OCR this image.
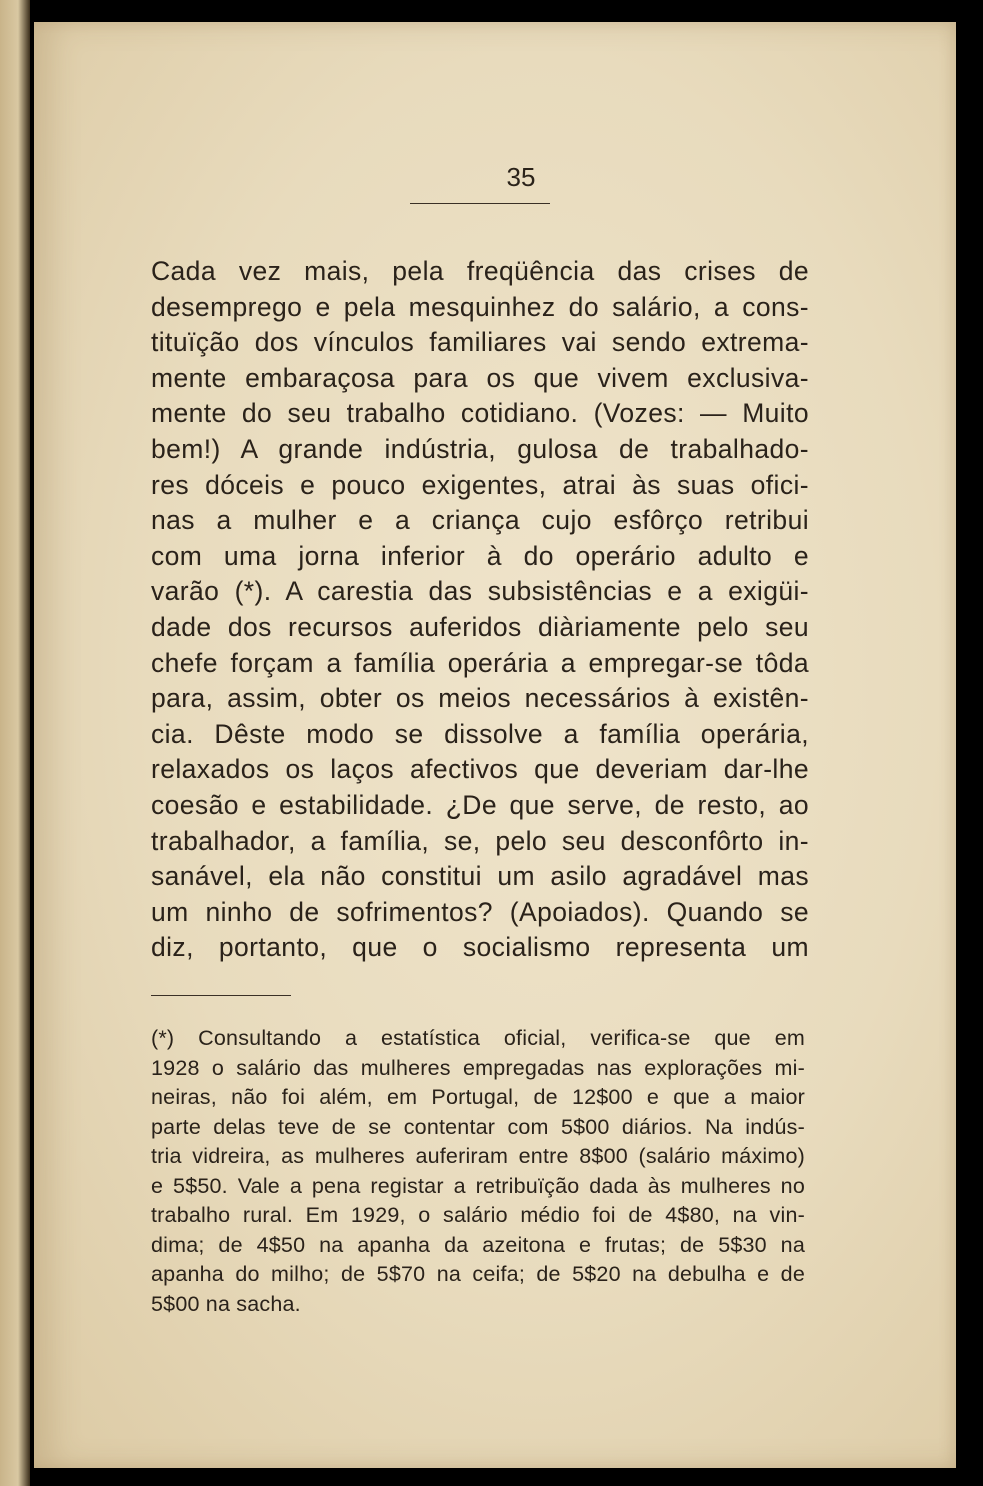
35
Cada vez mais, pela freqüência das crises de
desemprego e pela mesquinhez do salário, a cons-
tituïção dos vínculos familiares vai sendo extrema-
mente embaraçosa para os que vivem exclusiva-
mente do seu trabalho cotidiano. (Vozes: — Muito
bem!) A grande indústria, gulosa de trabalhado-
res dóceis e pouco exigentes, atrai às suas ofici-
nas a mulher e a criança cujo esfôrço retribui
com uma jorna inferior à do operário adulto e
varão (*). A carestia das subsistências e a exigüi-
dade dos recursos auferidos diàriamente pelo seu
chefe forçam a família operária a empregar-se tôda
para, assim, obter os meios necessários à existên-
cia. Dêste modo se dissolve a família operária,
relaxados os laços afectivos que deveriam dar-lhe
coesão e estabilidade. ¿De que serve, de resto, ao
trabalhador, a família, se, pelo seu desconfôrto in-
sanável, ela não constitui um asilo agradável mas
um ninho de sofrimentos? (Apoiados). Quando se
diz, portanto, que o socialismo representa um
(*) Consultando a estatística oficial, verifica-se que em
1928 o salário das mulheres empregadas nas explorações mi-
neiras, não foi além, em Portugal, de 12$00 e que a maior
parte delas teve de se contentar com 5$00 diários. Na indús-
tria vidreira, as mulheres auferiram entre 8$00 (salário máximo)
e 5$50. Vale a pena registar a retribuïção dada às mulheres no
trabalho rural. Em 1929, o salário médio foi de 4$80, na vin-
dima; de 4$50 na apanha da azeitona e frutas; de 5$30 na
apanha do milho; de 5$70 na ceifa; de 5$20 na debulha e de
5$00 na sacha.
